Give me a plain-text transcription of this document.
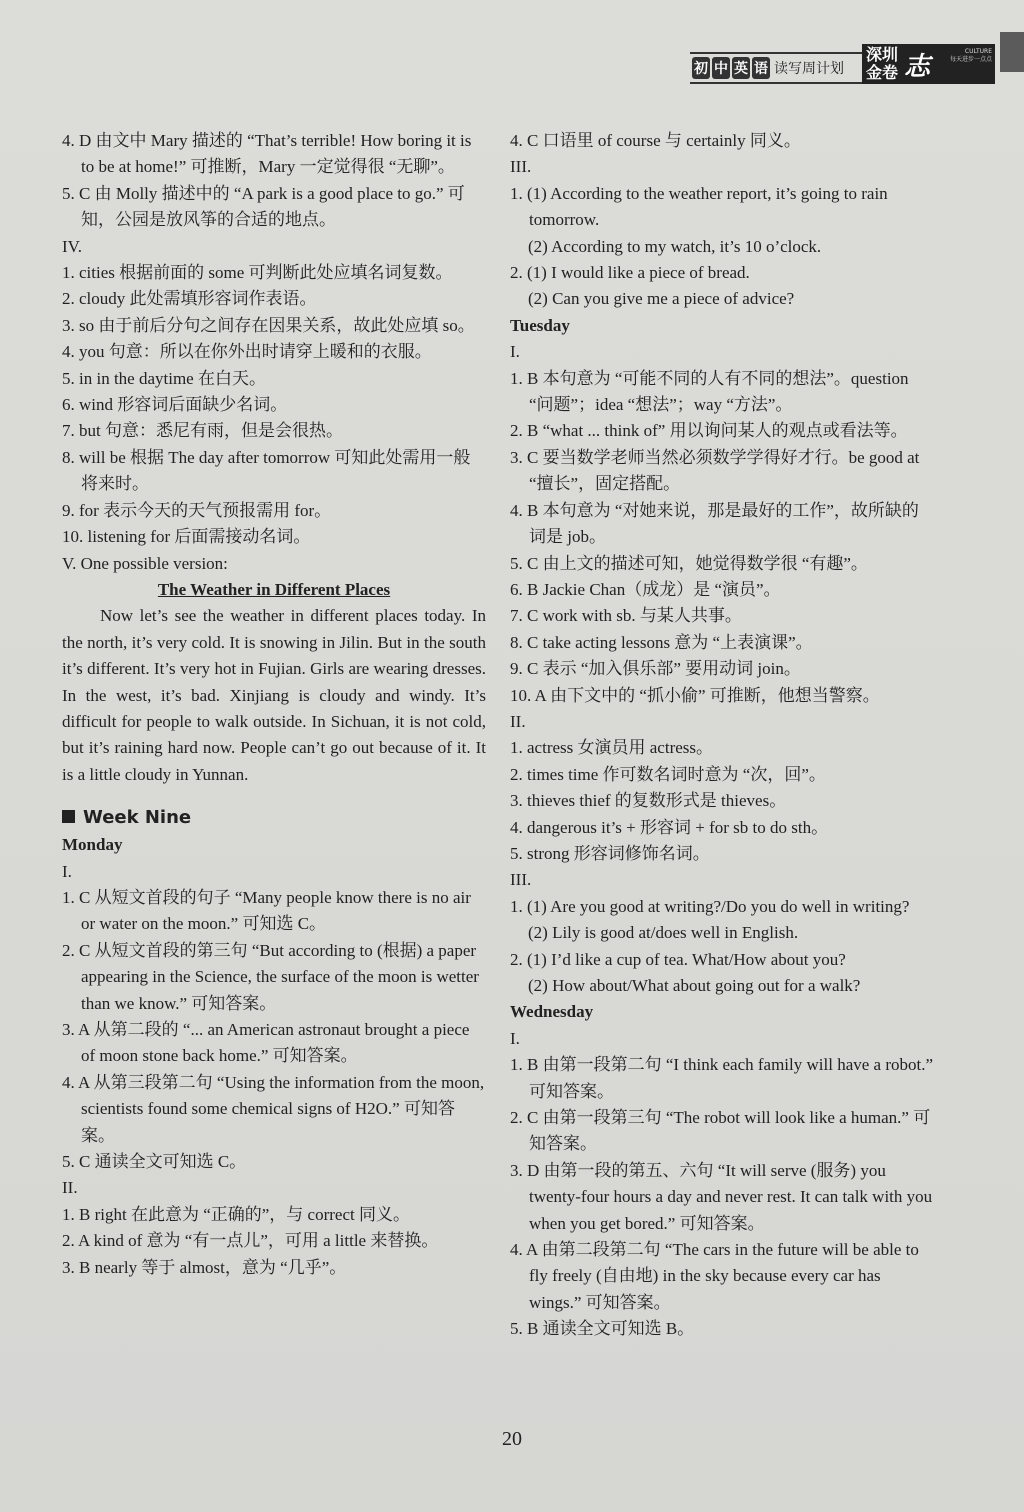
初 中 英 语 读写周计划
深圳
金卷 志	CULTURE
每天进步一点点
4. D 由文中 Mary 描述的 “That’s terrible! How boring it is to be at home!” 可推断，Mary 一定觉得很 “无聊”。
5. C 由 Molly 描述中的 “A park is a good place to go.” 可知，公园是放风筝的合适的地点。
IV.
1. cities 根据前面的 some 可判断此处应填名词复数。
2. cloudy 此处需填形容词作表语。
3. so 由于前后分句之间存在因果关系，故此处应填 so。
4. you 句意：所以在你外出时请穿上暖和的衣服。
5. in in the daytime 在白天。
6. wind 形容词后面缺少名词。
7. but 句意：悉尼有雨，但是会很热。
8. will be 根据 The day after tomorrow 可知此处需用一般将来时。
9. for 表示今天的天气预报需用 for。
10. listening for 后面需接动名词。
V. One possible version:
The Weather in Different Places
Now let’s see the weather in different places today. In the north, it’s very cold. It is snowing in Jilin. But in the south it’s different. It’s very hot in Fujian. Girls are wearing dresses. In the west, it’s bad. Xinjiang is cloudy and windy. It’s difficult for people to walk outside. In Sichuan, it is not cold, but it’s raining hard now. People can’t go out because of it. It is a little cloudy in Yunnan.
Week Nine
Monday
I.
1. C 从短文首段的句子 “Many people know there is no air or water on the moon.” 可知选 C。
2. C 从短文首段的第三句 “But according to (根据) a paper appearing in the Science, the surface of the moon is wetter than we know.” 可知答案。
3. A 从第二段的 “... an American astronaut brought a piece of moon stone back home.” 可知答案。
4. A 从第三段第二句 “Using the information from the moon, scientists found some chemical signs of H2O.” 可知答案。
5. C 通读全文可知选 C。
II.
1. B right 在此意为 “正确的”，与 correct 同义。
2. A kind of 意为 “有一点儿”，可用 a little 来替换。
3. B nearly 等于 almost，意为 “几乎”。
4. C 口语里 of course 与 certainly 同义。
III.
1. (1) According to the weather report, it’s going to rain tomorrow.
(2) According to my watch, it’s 10 o’clock.
2. (1) I would like a piece of bread.
(2) Can you give me a piece of advice?
Tuesday
I.
1. B 本句意为 “可能不同的人有不同的想法”。question “问题”；idea “想法”；way “方法”。
2. B “what ... think of” 用以询问某人的观点或看法等。
3. C 要当数学老师当然必须数学学得好才行。be good at “擅长”，固定搭配。
4. B 本句意为 “对她来说，那是最好的工作”，故所缺的词是 job。
5. C 由上文的描述可知，她觉得数学很 “有趣”。
6. B Jackie Chan（成龙）是 “演员”。
7. C work with sb. 与某人共事。
8. C take acting lessons 意为 “上表演课”。
9. C 表示 “加入俱乐部” 要用动词 join。
10. A 由下文中的 “抓小偷” 可推断，他想当警察。
II.
1. actress 女演员用 actress。
2. times time 作可数名词时意为 “次，回”。
3. thieves thief 的复数形式是 thieves。
4. dangerous it’s + 形容词 + for sb to do sth。
5. strong 形容词修饰名词。
III.
1. (1) Are you good at writing?/Do you do well in writing?
(2) Lily is good at/does well in English.
2. (1) I’d like a cup of tea. What/How about you?
(2) How about/What about going out for a walk?
Wednesday
I.
1. B 由第一段第二句 “I think each family will have a robot.” 可知答案。
2. C 由第一段第三句 “The robot will look like a human.” 可知答案。
3. D 由第一段的第五、六句 “It will serve (服务) you twenty-four hours a day and never rest. It can talk with you when you get bored.” 可知答案。
4. A 由第二段第二句 “The cars in the future will be able to fly freely (自由地) in the sky because every car has wings.” 可知答案。
5. B 通读全文可知选 B。
20
